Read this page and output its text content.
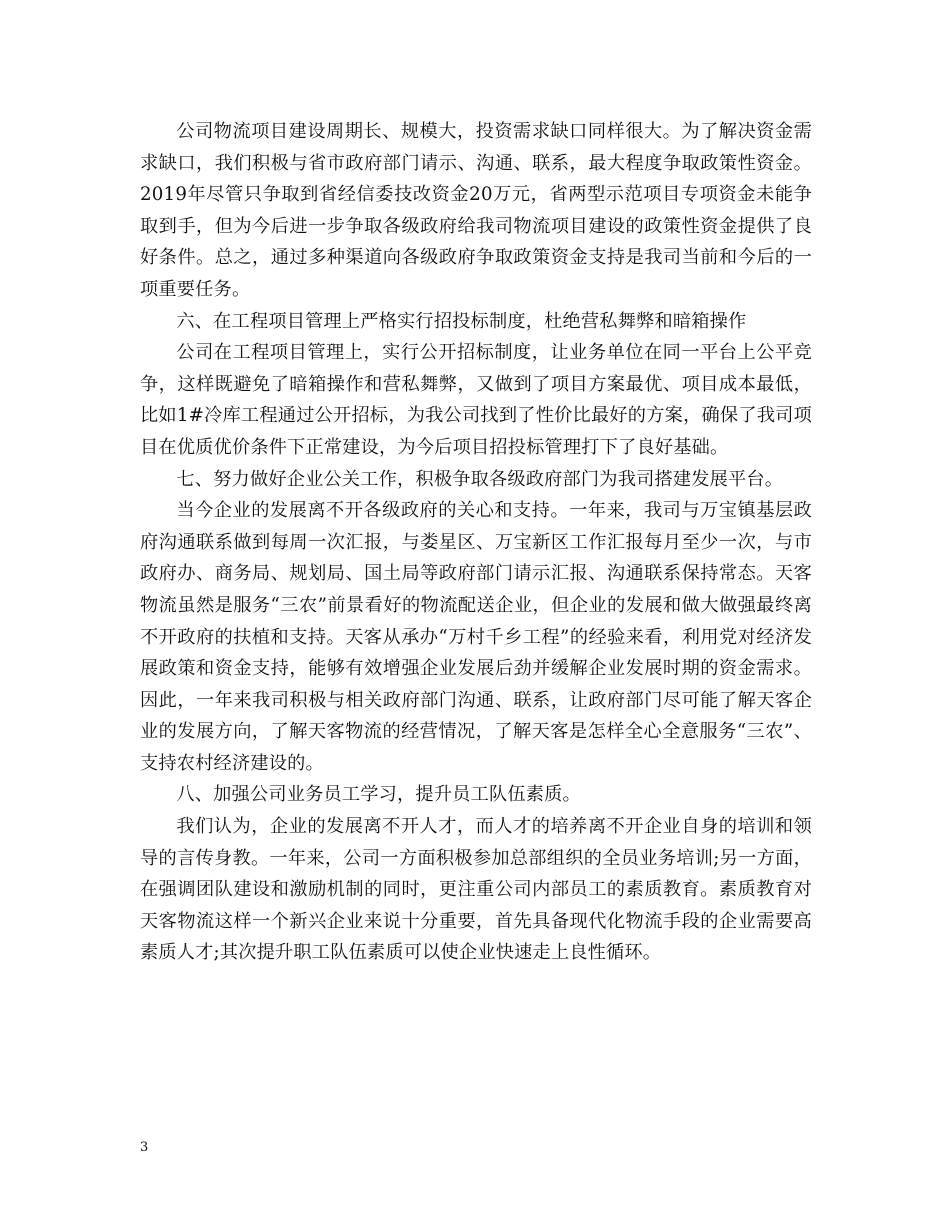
公司物流项目建设周期长、规模大，投资需求缺口同样很大。为了解决资金需求缺口，我们积极与省市政府部门请示、沟通、联系，最大程度争取政策性资金。2019年尽管只争取到省经信委技改资金20万元，省两型示范项目专项资金未能争取到手，但为今后进一步争取各级政府给我司物流项目建设的政策性资金提供了良好条件。总之，通过多种渠道向各级政府争取政策资金支持是我司当前和今后的一项重要任务。

六、在工程项目管理上严格实行招投标制度，杜绝营私舞弊和暗箱操作

公司在工程项目管理上，实行公开招标制度，让业务单位在同一平台上公平竞争，这样既避免了暗箱操作和营私舞弊，又做到了项目方案最优、项目成本最低，比如1#冷库工程通过公开招标，为我公司找到了性价比最好的方案，确保了我司项目在优质优价条件下正常建设，为今后项目招投标管理打下了良好基础。

七、努力做好企业公关工作，积极争取各级政府部门为我司搭建发展平台。

当今企业的发展离不开各级政府的关心和支持。一年来，我司与万宝镇基层政府沟通联系做到每周一次汇报，与娄星区、万宝新区工作汇报每月至少一次，与市政府办、商务局、规划局、国土局等政府部门请示汇报、沟通联系保持常态。天客物流虽然是服务“三农”前景看好的物流配送企业，但企业的发展和做大做强最终离不开政府的扶植和支持。天客从承办“万村千乡工程”的经验来看，利用党对经济发展政策和资金支持，能够有效增强企业发展后劲并缓解企业发展时期的资金需求。因此，一年来我司积极与相关政府部门沟通、联系，让政府部门尽可能了解天客企业的发展方向，了解天客物流的经营情况，了解天客是怎样全心全意服务“三农”、支持农村经济建设的。

八、加强公司业务员工学习，提升员工队伍素质。

我们认为，企业的发展离不开人才，而人才的培养离不开企业自身的培训和领导的言传身教。一年来，公司一方面积极参加总部组织的全员业务培训;另一方面，在强调团队建设和激励机制的同时，更注重公司内部员工的素质教育。素质教育对天客物流这样一个新兴企业来说十分重要，首先具备现代化物流手段的企业需要高素质人才;其次提升职工队伍素质可以使企业快速走上良性循环。

3
